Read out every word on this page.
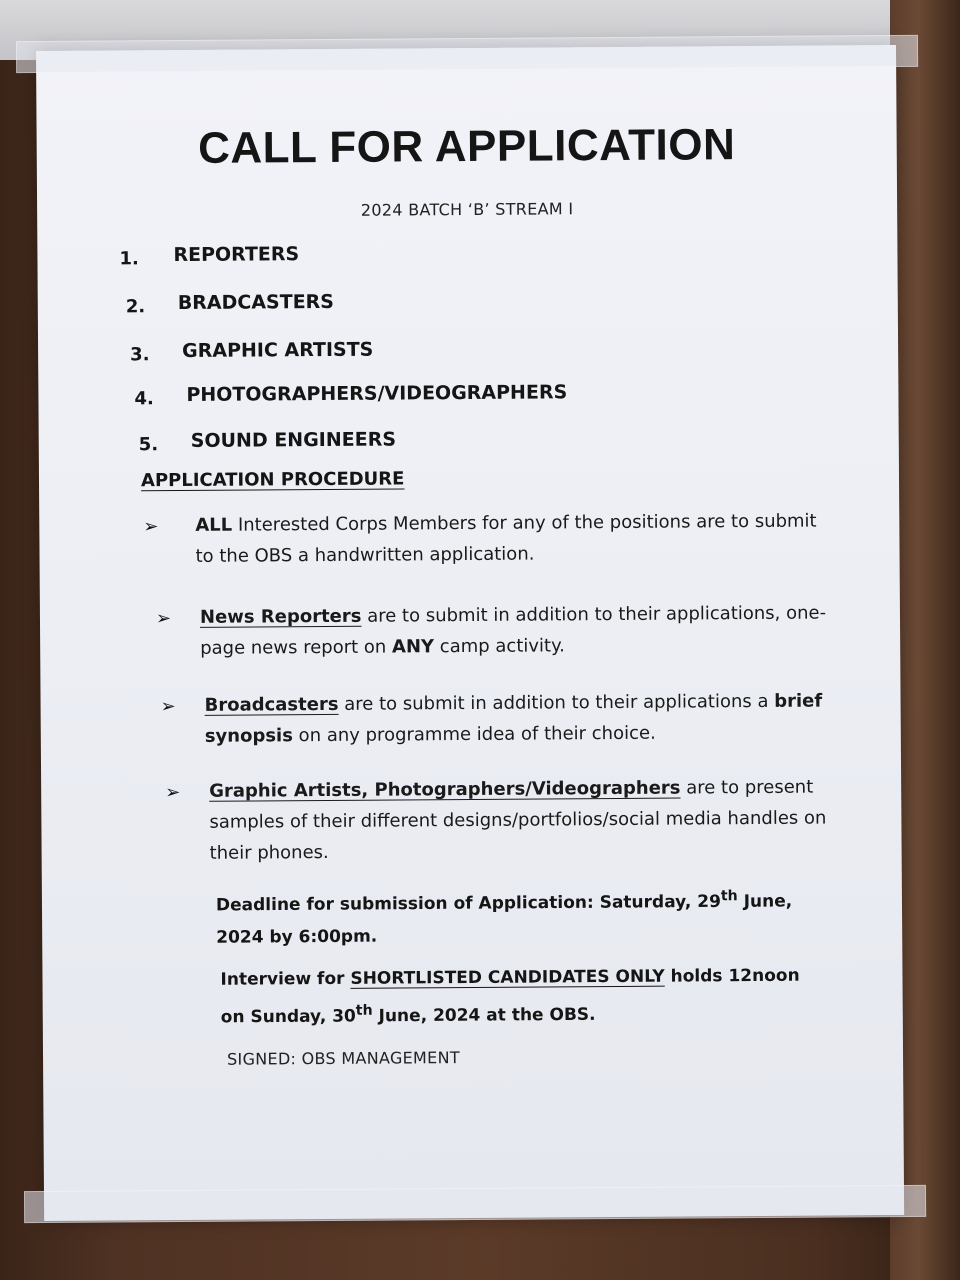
CALL FOR APPLICATION
2024 BATCH ‘B’ STREAM I
1. REPORTERS
2. BRADCASTERS
3. GRAPHIC ARTISTS
4. PHOTOGRAPHERS/VIDEOGRAPHERS
5. SOUND ENGINEERS
APPLICATION PROCEDURE
➢ ALL Interested Corps Members for any of the positions are to submit to the OBS a handwritten application.
➢ News Reporters are to submit in addition to their applications, one-page news report on ANY camp activity.
➢ Broadcasters are to submit in addition to their applications a brief synopsis on any programme idea of their choice.
➢ Graphic Artists, Photographers/Videographers are to present samples of their different designs/portfolios/social media handles on their phones.
Deadline for submission of Application: Saturday, 29th June, 2024 by 6:00pm.
Interview for SHORTLISTED CANDIDATES ONLY holds 12noon on Sunday, 30th June, 2024 at the OBS.
SIGNED: OBS MANAGEMENT
